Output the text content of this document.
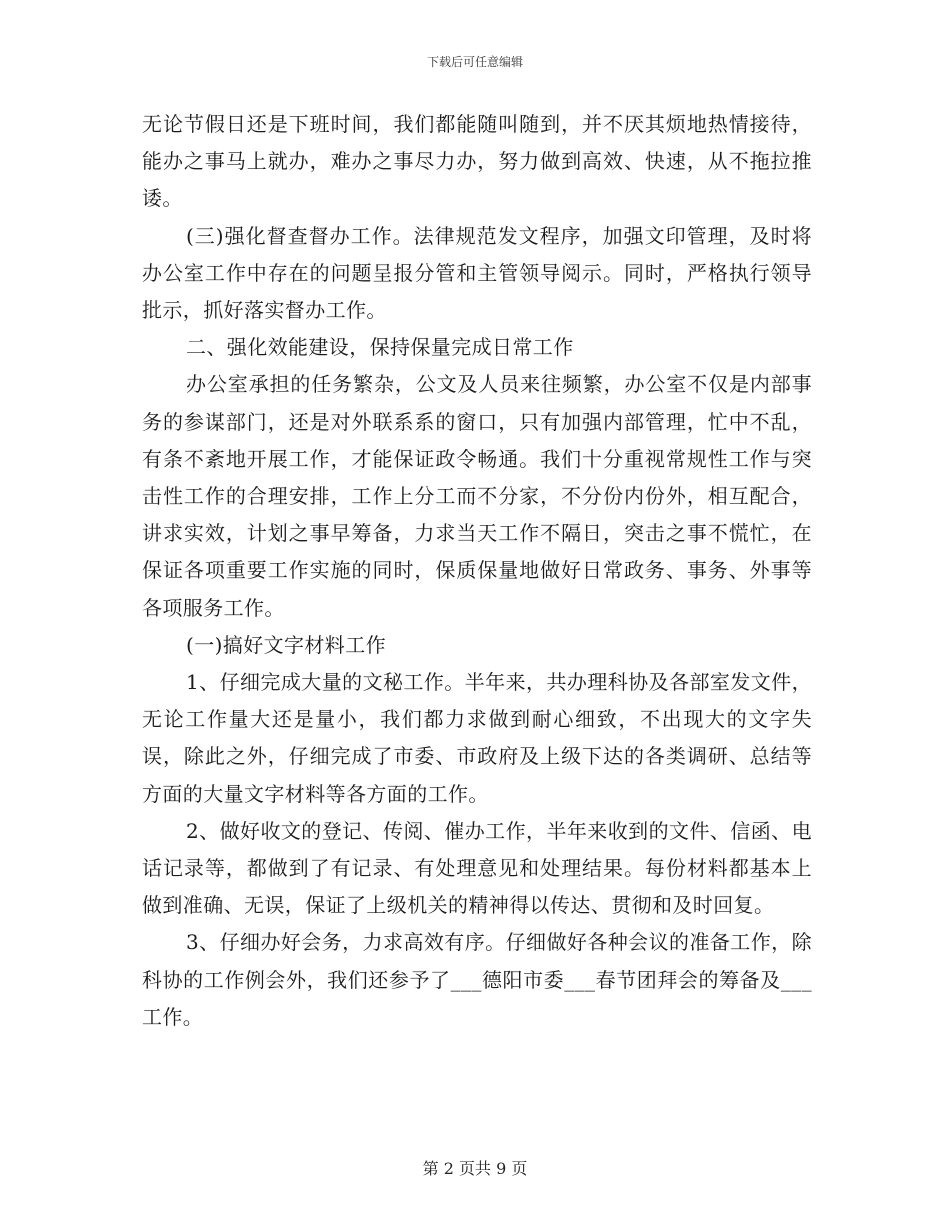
下载后可任意编辑

无论节假日还是下班时间，我们都能随叫随到，并不厌其烦地热情接待，能办之事马上就办，难办之事尽力办，努力做到高效、快速，从不拖拉推诿。

(三)强化督查督办工作。法律规范发文程序，加强文印管理，及时将办公室工作中存在的问题呈报分管和主管领导阅示。同时，严格执行领导批示，抓好落实督办工作。

二、强化效能建设，保持保量完成日常工作

办公室承担的任务繁杂，公文及人员来往频繁，办公室不仅是内部事务的参谋部门，还是对外联系系的窗口，只有加强内部管理，忙中不乱，有条不紊地开展工作，才能保证政令畅通。我们十分重视常规性工作与突击性工作的合理安排，工作上分工而不分家，不分份内份外，相互配合，讲求实效，计划之事早筹备，力求当天工作不隔日，突击之事不慌忙，在保证各项重要工作实施的同时，保质保量地做好日常政务、事务、外事等各项服务工作。

(一)搞好文字材料工作

1、仔细完成大量的文秘工作。半年来，共办理科协及各部室发文件，无论工作量大还是量小，我们都力求做到耐心细致，不出现大的文字失误，除此之外，仔细完成了市委、市政府及上级下达的各类调研、总结等方面的大量文字材料等各方面的工作。

2、做好收文的登记、传阅、催办工作，半年来收到的文件、信函、电话记录等，都做到了有记录、有处理意见和处理结果。每份材料都基本上做到准确、无误，保证了上级机关的精神得以传达、贯彻和及时回复。

3、仔细办好会务，力求高效有序。仔细做好各种会议的准备工作，除科协的工作例会外，我们还参予了___德阳市委___春节团拜会的筹备及___工作。

第 2 页共 9 页
